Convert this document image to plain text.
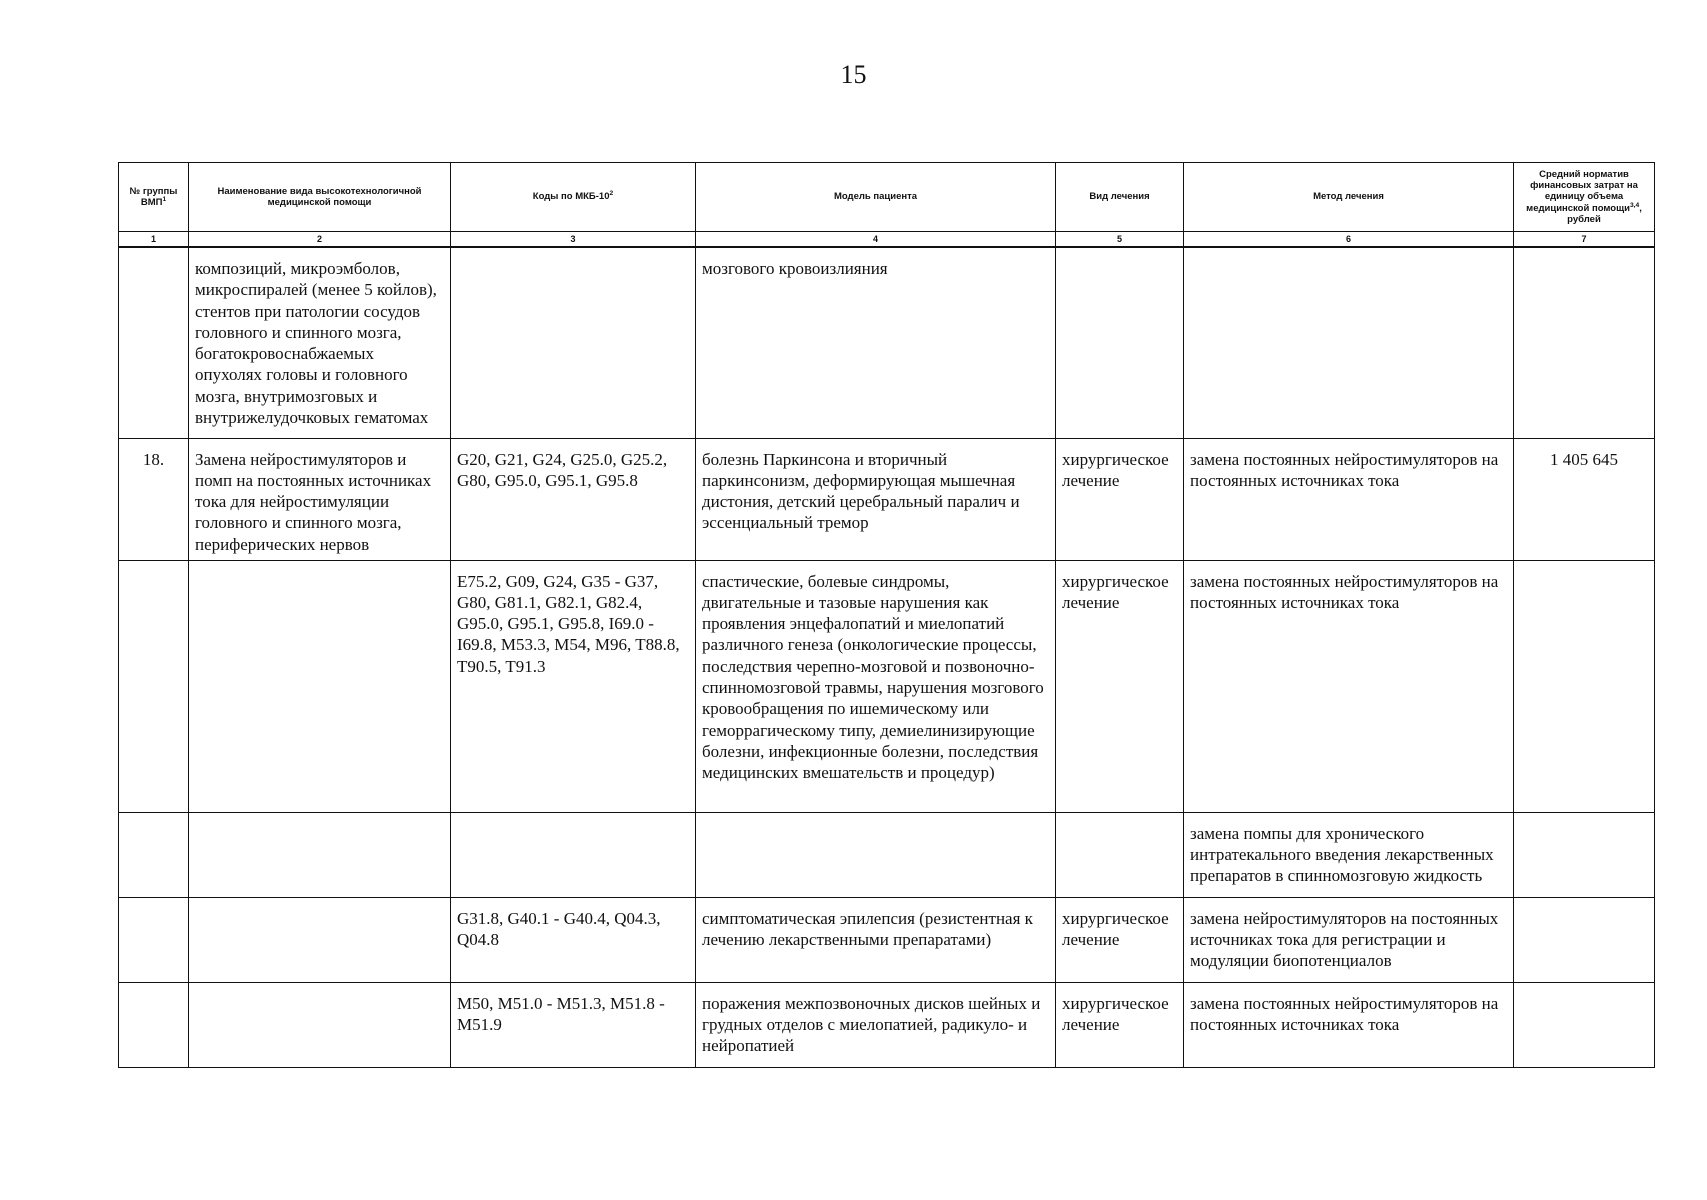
15
№ группы ВМП$^1$	Наименование вида высокотехнологичной медицинской помощи	Коды по МКБ-$10^2$	Модель пациента	Вид лечения	Метод лечения	Средний норматив финансовых затрат на единицу объема медицинской помощи$^{3,4}$, рублей
1	2	3	4	5	6	7
	композиций, микроэмболов, микроспиралей (менее 5 койлов), стентов при патологии сосудов головного и спинного мозга, богатокровоснабжаемых опухолях головы и головного мозга, внутримозговых и внутрижелудочковых гематомах		мозгового кровоизлияния			
18.	Замена нейростимуляторов и помп на постоянных источниках тока для нейростимуляции головного и спинного мозга, периферических нервов	G20, G21, G24, G25.0, G25.2, G80, G95.0, G95.1, G95.8	болезнь Паркинсона и вторичный паркинсонизм, деформирующая мышечная дистония, детский церебральный паралич и эссенциальный тремор	хирургическое лечение	замена постоянных нейростимуляторов на постоянных источниках тока	1 405 645
		E75.2, G09, G24, G35 - G37, G80, G81.1, G82.1, G82.4, G95.0, G95.1, G95.8, I69.0 - I69.8, M53.3, M54, M96, T88.8, T90.5, T91.3	спастические, болевые синдромы, двигательные и тазовые нарушения как проявления энцефалопатий и миелопатий различного генеза (онкологические процессы, последствия черепно-мозговой и позвоночно-спинномозговой травмы, нарушения мозгового кровообращения по ишемическому или геморрагическому типу, демиелинизирующие болезни, инфекционные болезни, последствия медицинских вмешательств и процедур)	хирургическое лечение	замена постоянных нейростимуляторов на постоянных источниках тока	
					замена помпы для хронического интратекального введения лекарственных препаратов в спинномозговую жидкость	
		G31.8, G40.1 - G40.4, Q04.3, Q04.8	симптоматическая эпилепсия (резистентная к лечению лекарственными препаратами)	хирургическое лечение	замена нейростимуляторов на постоянных источниках тока для регистрации и модуляции биопотенциалов	
		M50, M51.0 - M51.3, M51.8 - M51.9	поражения межпозвоночных дисков шейных и грудных отделов с миелопатией, радикуло- и нейропатией	хирургическое лечение	замена постоянных нейростимуляторов на постоянных источниках тока	
